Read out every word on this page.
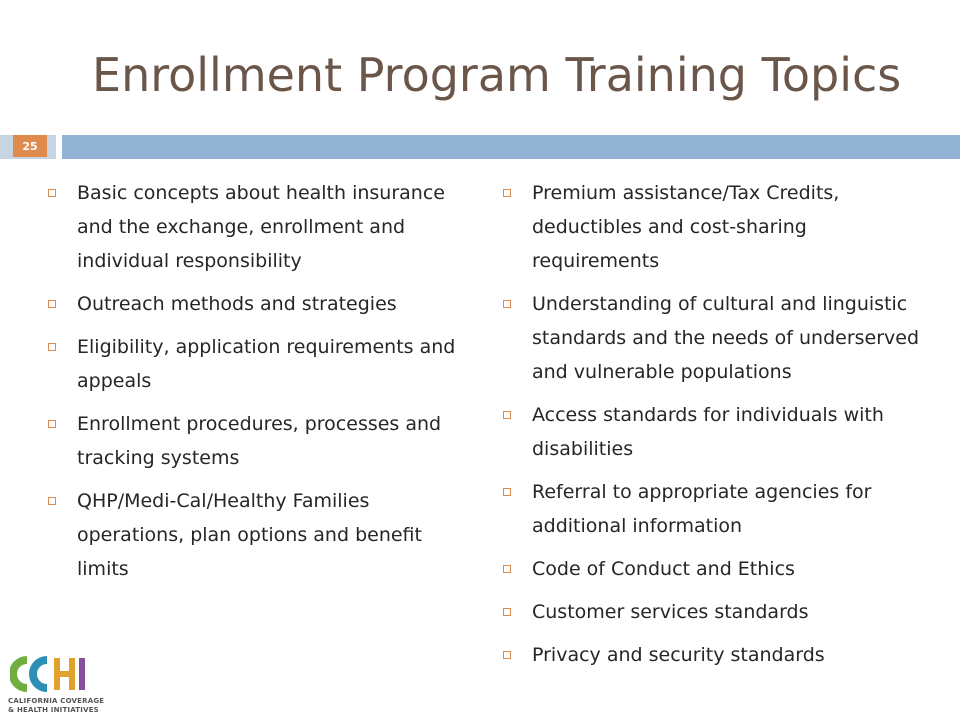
Enrollment Program Training Topics
25
Basic concepts about health insurance and the exchange, enrollment and individual responsibility
Outreach methods and strategies
Eligibility, application requirements and appeals
Enrollment procedures, processes and tracking systems
QHP/Medi-Cal/Healthy Families operations, plan options and benefit limits
Premium assistance/Tax Credits, deductibles and cost-sharing requirements
Understanding of cultural and linguistic standards and the needs of underserved and vulnerable populations
Access standards for individuals with disabilities
Referral to appropriate agencies for additional information
Code of Conduct and Ethics
Customer services standards
Privacy and security standards
CALIFORNIA COVERAGE
& HEALTH INITIATIVES
